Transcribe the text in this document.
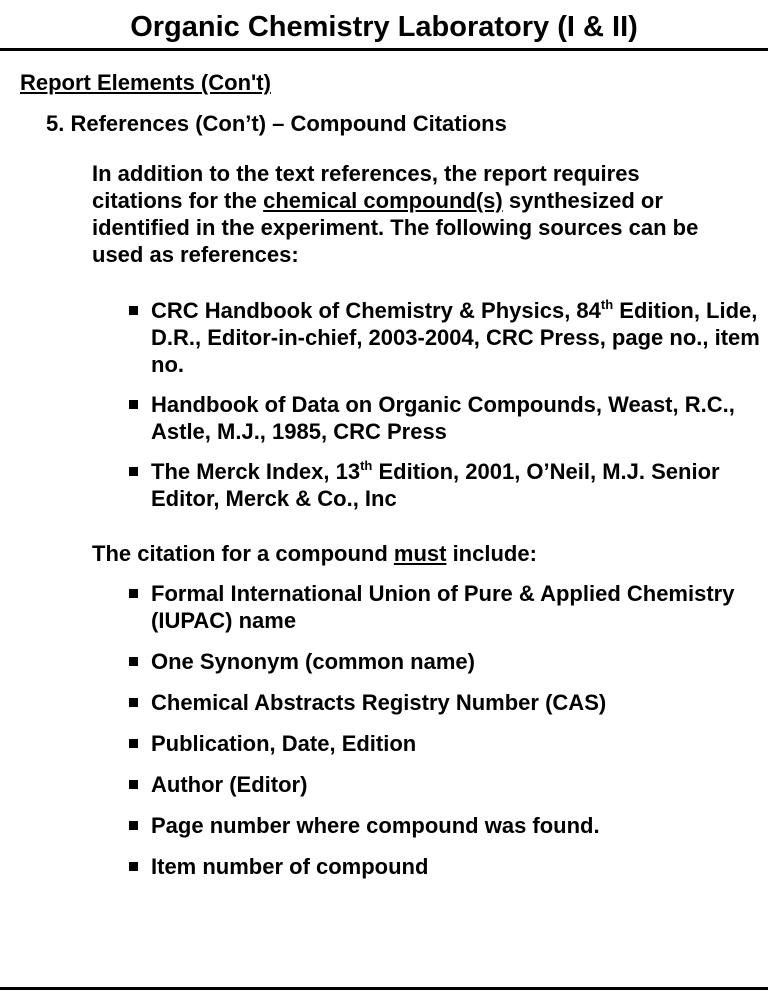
Organic Chemistry Laboratory (I & II)
Report Elements (Con't)
5. References (Con’t) – Compound Citations
In addition to the text references, the report requires citations for the chemical compound(s) synthesized or identified in the experiment. The following sources can be used as references:
CRC Handbook of Chemistry & Physics, 84th Edition, Lide, D.R., Editor-in-chief, 2003-2004, CRC Press, page no., item no.
Handbook of Data on Organic Compounds, Weast, R.C., Astle, M.J., 1985, CRC Press
The Merck Index, 13th Edition, 2001, O’Neil, M.J. Senior Editor, Merck & Co., Inc
The citation for a compound must include:
Formal International Union of Pure & Applied Chemistry (IUPAC) name
One Synonym (common name)
Chemical Abstracts Registry Number (CAS)
Publication, Date, Edition
Author (Editor)
Page number where compound was found.
Item number of compound
